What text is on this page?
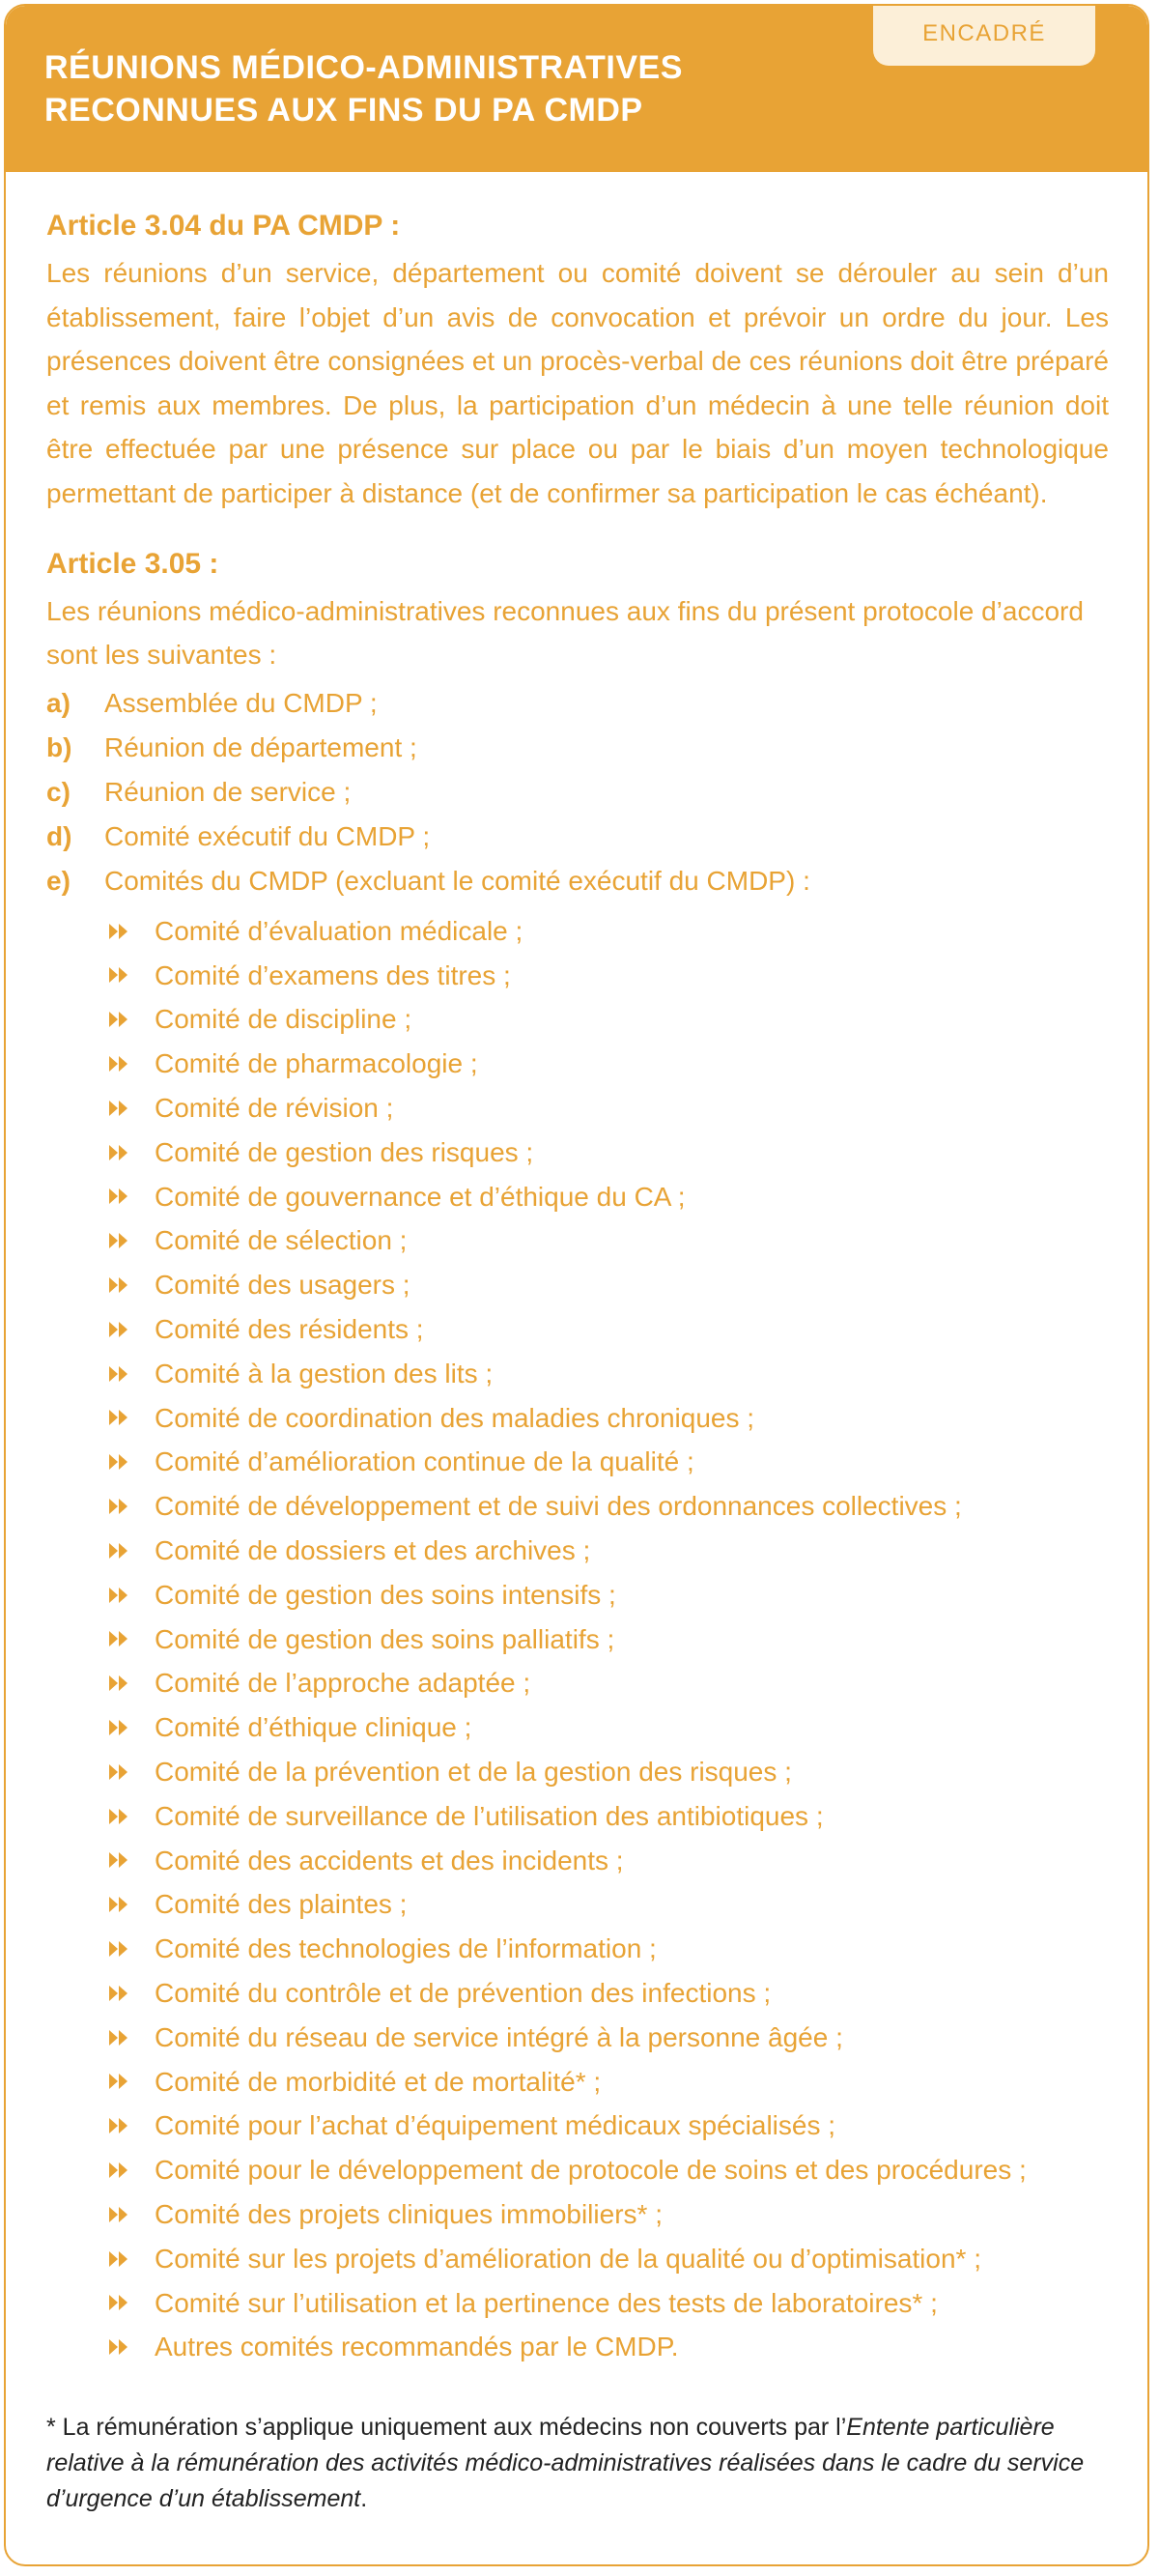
RÉUNIONS MÉDICO-ADMINISTRATIVES
RECONNUES AUX FINS DU PA CMDP
ENCADRÉ
Article 3.04 du PA CMDP :

Les réunions d’un service, département ou comité doivent se dérouler au sein d’un établissement, faire l’objet d’un avis de convocation et prévoir un ordre du jour. Les présences doivent être consignées et un procès-verbal de ces réunions doit être préparé et remis aux membres. De plus, la participation d’un médecin à une telle réunion doit être effectuée par une présence sur place ou par le biais d’un moyen technologique permettant de participer à distance (et de confirmer sa participation le cas échéant).

Article 3.05 :

Les réunions médico-administratives reconnues aux fins du présent protocole d’accord sont les suivantes :

a)	Assemblée du CMDP ;
b)	Réunion de département ;
c)	Réunion de service ;
d)	Comité exécutif du CMDP ;
e)	Comités du CMDP (excluant le comité exécutif du CMDP) :
Comité d’évaluation médicale ;
Comité d’examens des titres ;
Comité de discipline ;
Comité de pharmacologie ;
Comité de révision ;
Comité de gestion des risques ;
Comité de gouvernance et d’éthique du CA ;
Comité de sélection ;
Comité des usagers ;
Comité des résidents ;
Comité à la gestion des lits ;
Comité de coordination des maladies chroniques ;
Comité d’amélioration continue de la qualité ;
Comité de développement et de suivi des ordonnances collectives ;
Comité de dossiers et des archives ;
Comité de gestion des soins intensifs ;
Comité de gestion des soins palliatifs ;
Comité de l’approche adaptée ;
Comité d’éthique clinique ;
Comité de la prévention et de la gestion des risques ;
Comité de surveillance de l’utilisation des antibiotiques ;
Comité des accidents et des incidents ;
Comité des plaintes ;
Comité des technologies de l’information ;
Comité du contrôle et de prévention des infections ;
Comité du réseau de service intégré à la personne âgée ;
Comité de morbidité et de mortalité* ;
Comité pour l’achat d’équipement médicaux spécialisés ;
Comité pour le développement de protocole de soins et des procédures ;
Comité des projets cliniques immobiliers* ;
Comité sur les projets d’amélioration de la qualité ou d’optimisation* ;
Comité sur l’utilisation et la pertinence des tests de laboratoires* ;
Autres comités recommandés par le CMDP.
* La rémunération s’applique uniquement aux médecins non couverts par l’Entente particulière relative à la rémunération des activités médico-administratives réalisées dans le cadre du service d’urgence d’un établissement.
